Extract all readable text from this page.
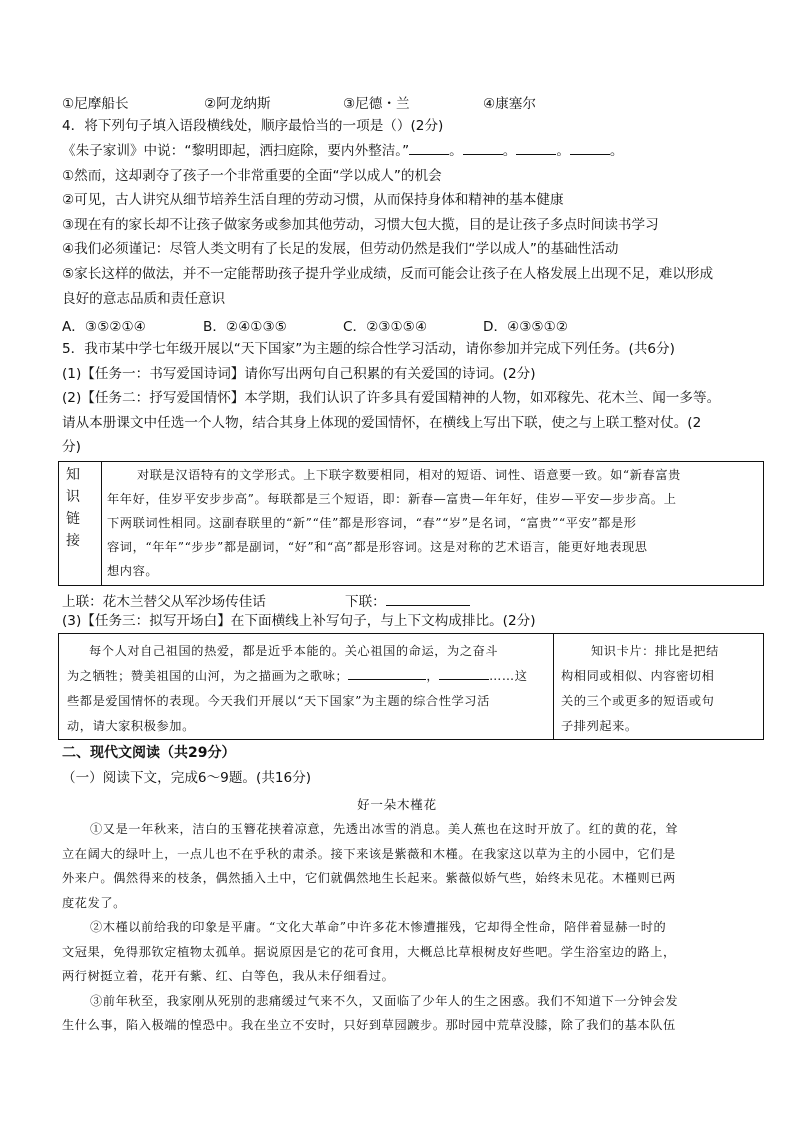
①尼摩船长	②阿龙纳斯	③尼德・兰	④康塞尔
4．将下列句子填入语段横线处，顺序最恰当的一项是（）(2分)
《朱子家训》中说：“黎明即起，洒扫庭除，要内外整洁。”	。	。	。	。
①然而，这却剥夺了孩子一个非常重要的全面“学以成人”的机会
②可见，古人讲究从细节培养生活自理的劳动习惯，从而保持身体和精神的基本健康
③现在有的家长却不让孩子做家务或参加其他劳动，习惯大包大揽，目的是让孩子多点时间读书学习
④我们必须谨记：尽管人类文明有了长足的发展，但劳动仍然是我们“学以成人”的基础性活动
⑤家长这样的做法，并不一定能帮助孩子提升学业成绩，反而可能会让孩子在人格发展上出现不足，难以形成
良好的意志品质和责任意识
A．③⑤②①④	B．②④①③⑤	C．②③①⑤④	D．④③⑤①②
5．我市某中学七年级开展以“天下国家”为主题的综合性学习活动，请你参加并完成下列任务。(共6分)
(1)【任务一：书写爱国诗词】请你写出两句自己积累的有关爱国的诗词。(2分)
(2)【任务二：抒写爱国情怀】本学期，我们认识了许多具有爱国精神的人物，如邓稼先、花木兰、闻一多等。
请从本册课文中任选一个人物，结合其身上体现的爱国情怀，在横线上写出下联，使之与上联工整对仗。(2
分)
知
识
链
接
对联是汉语特有的文学形式。上下联字数要相同，相对的短语、词性、语意要一致。如“新春富贵
年年好，佳岁平安步步高”。每联都是三个短语，即：新春—富贵—年年好，佳岁—平安—步步高。上
下两联词性相同。这副春联里的“新”“佳”都是形容词，“春”“岁”是名词，“富贵”“平安”都是形
容词，“年年”“步步”都是副词，“好”和“高”都是形容词。这是对称的艺术语言，能更好地表现思
想内容。
上联：花木兰替父从军沙场传佳话	下联：
(3)【任务三：拟写开场白】在下面横线上补写句子，与上下文构成排比。(2分)
每个人对自己祖国的热爱，都是近乎本能的。关心祖国的命运，为之奋斗
为之牺牲；赞美祖国的山河，为之描画为之歌咏；	，	……这
些都是爱国情怀的表现。今天我们开展以“天下国家”为主题的综合性学习活
动，请大家积极参加。
知识卡片：排比是把结
构相同或相似、内容密切相
关的三个或更多的短语或句
子排列起来。
二、现代文阅读（共29分）
（一）阅读下文，完成6～9题。(共16分)
好一朵木槿花
①又是一年秋来，洁白的玉簪花挟着凉意，先透出冰雪的消息。美人蕉也在这时开放了。红的黄的花，耸
立在阔大的绿叶上，一点儿也不在乎秋的肃杀。接下来该是紫薇和木槿。在我家这以草为主的小园中，它们是
外来户。偶然得来的枝条，偶然插入土中，它们就偶然地生长起来。紫薇似娇气些，始终未见花。木槿则已两
度花发了。
②木槿以前给我的印象是平庸。“文化大革命”中许多花木惨遭摧残，它却得全性命，陪伴着显赫一时的
文冠果，免得那钦定植物太孤单。据说原因是它的花可食用，大概总比草根树皮好些吧。学生浴室边的路上，
两行树挺立着，花开有紫、红、白等色，我从未仔细看过。
③前年秋至，我家刚从死别的悲痛缓过气来不久，又面临了少年人的生之困惑。我们不知道下一分钟会发
生什么事，陷入极端的惶恐中。我在坐立不安时，只好到草园踱步。那时园中荒草没膝，除了我们的基本队伍
